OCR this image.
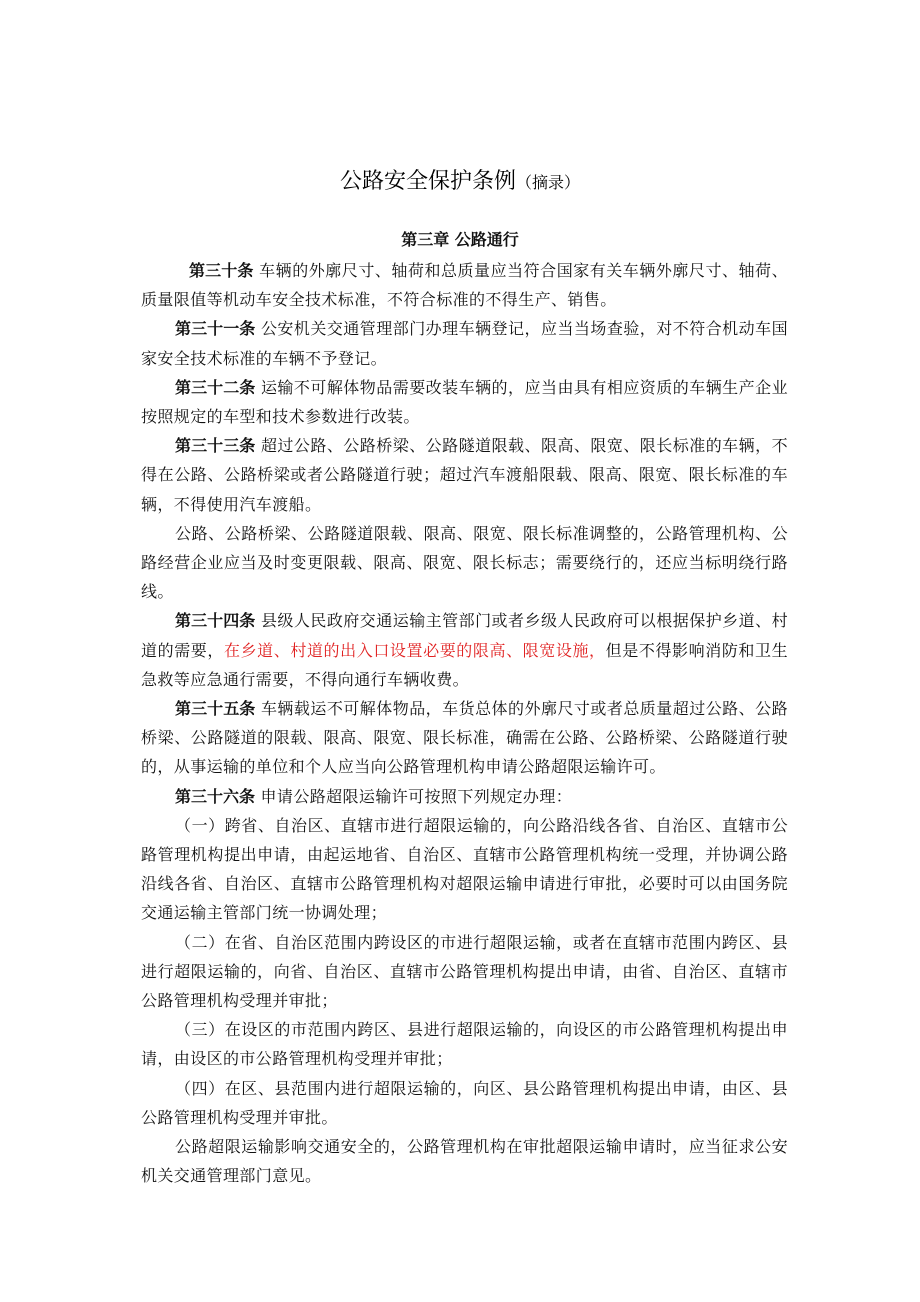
公路安全保护条例（摘录）
第三章 公路通行

第三十条 车辆的外廓尺寸、轴荷和总质量应当符合国家有关车辆外廓尺寸、轴荷、质量限值等机动车安全技术标准，不符合标准的不得生产、销售。

第三十一条 公安机关交通管理部门办理车辆登记，应当当场查验，对不符合机动车国家安全技术标准的车辆不予登记。

第三十二条 运输不可解体物品需要改装车辆的，应当由具有相应资质的车辆生产企业按照规定的车型和技术参数进行改装。

第三十三条 超过公路、公路桥梁、公路隧道限载、限高、限宽、限长标准的车辆，不得在公路、公路桥梁或者公路隧道行驶；超过汽车渡船限载、限高、限宽、限长标准的车辆，不得使用汽车渡船。

公路、公路桥梁、公路隧道限载、限高、限宽、限长标准调整的，公路管理机构、公路经营企业应当及时变更限载、限高、限宽、限长标志；需要绕行的，还应当标明绕行路线。

第三十四条 县级人民政府交通运输主管部门或者乡级人民政府可以根据保护乡道、村道的需要，在乡道、村道的出入口设置必要的限高、限宽设施，但是不得影响消防和卫生急救等应急通行需要，不得向通行车辆收费。

第三十五条 车辆载运不可解体物品，车货总体的外廓尺寸或者总质量超过公路、公路桥梁、公路隧道的限载、限高、限宽、限长标准，确需在公路、公路桥梁、公路隧道行驶的，从事运输的单位和个人应当向公路管理机构申请公路超限运输许可。

第三十六条 申请公路超限运输许可按照下列规定办理：

（一）跨省、自治区、直辖市进行超限运输的，向公路沿线各省、自治区、直辖市公路管理机构提出申请，由起运地省、自治区、直辖市公路管理机构统一受理，并协调公路沿线各省、自治区、直辖市公路管理机构对超限运输申请进行审批，必要时可以由国务院交通运输主管部门统一协调处理；

（二）在省、自治区范围内跨设区的市进行超限运输，或者在直辖市范围内跨区、县进行超限运输的，向省、自治区、直辖市公路管理机构提出申请，由省、自治区、直辖市公路管理机构受理并审批；

（三）在设区的市范围内跨区、县进行超限运输的，向设区的市公路管理机构提出申请，由设区的市公路管理机构受理并审批；

（四）在区、县范围内进行超限运输的，向区、县公路管理机构提出申请，由区、县公路管理机构受理并审批。

公路超限运输影响交通安全的，公路管理机构在审批超限运输申请时，应当征求公安机关交通管理部门意见。
